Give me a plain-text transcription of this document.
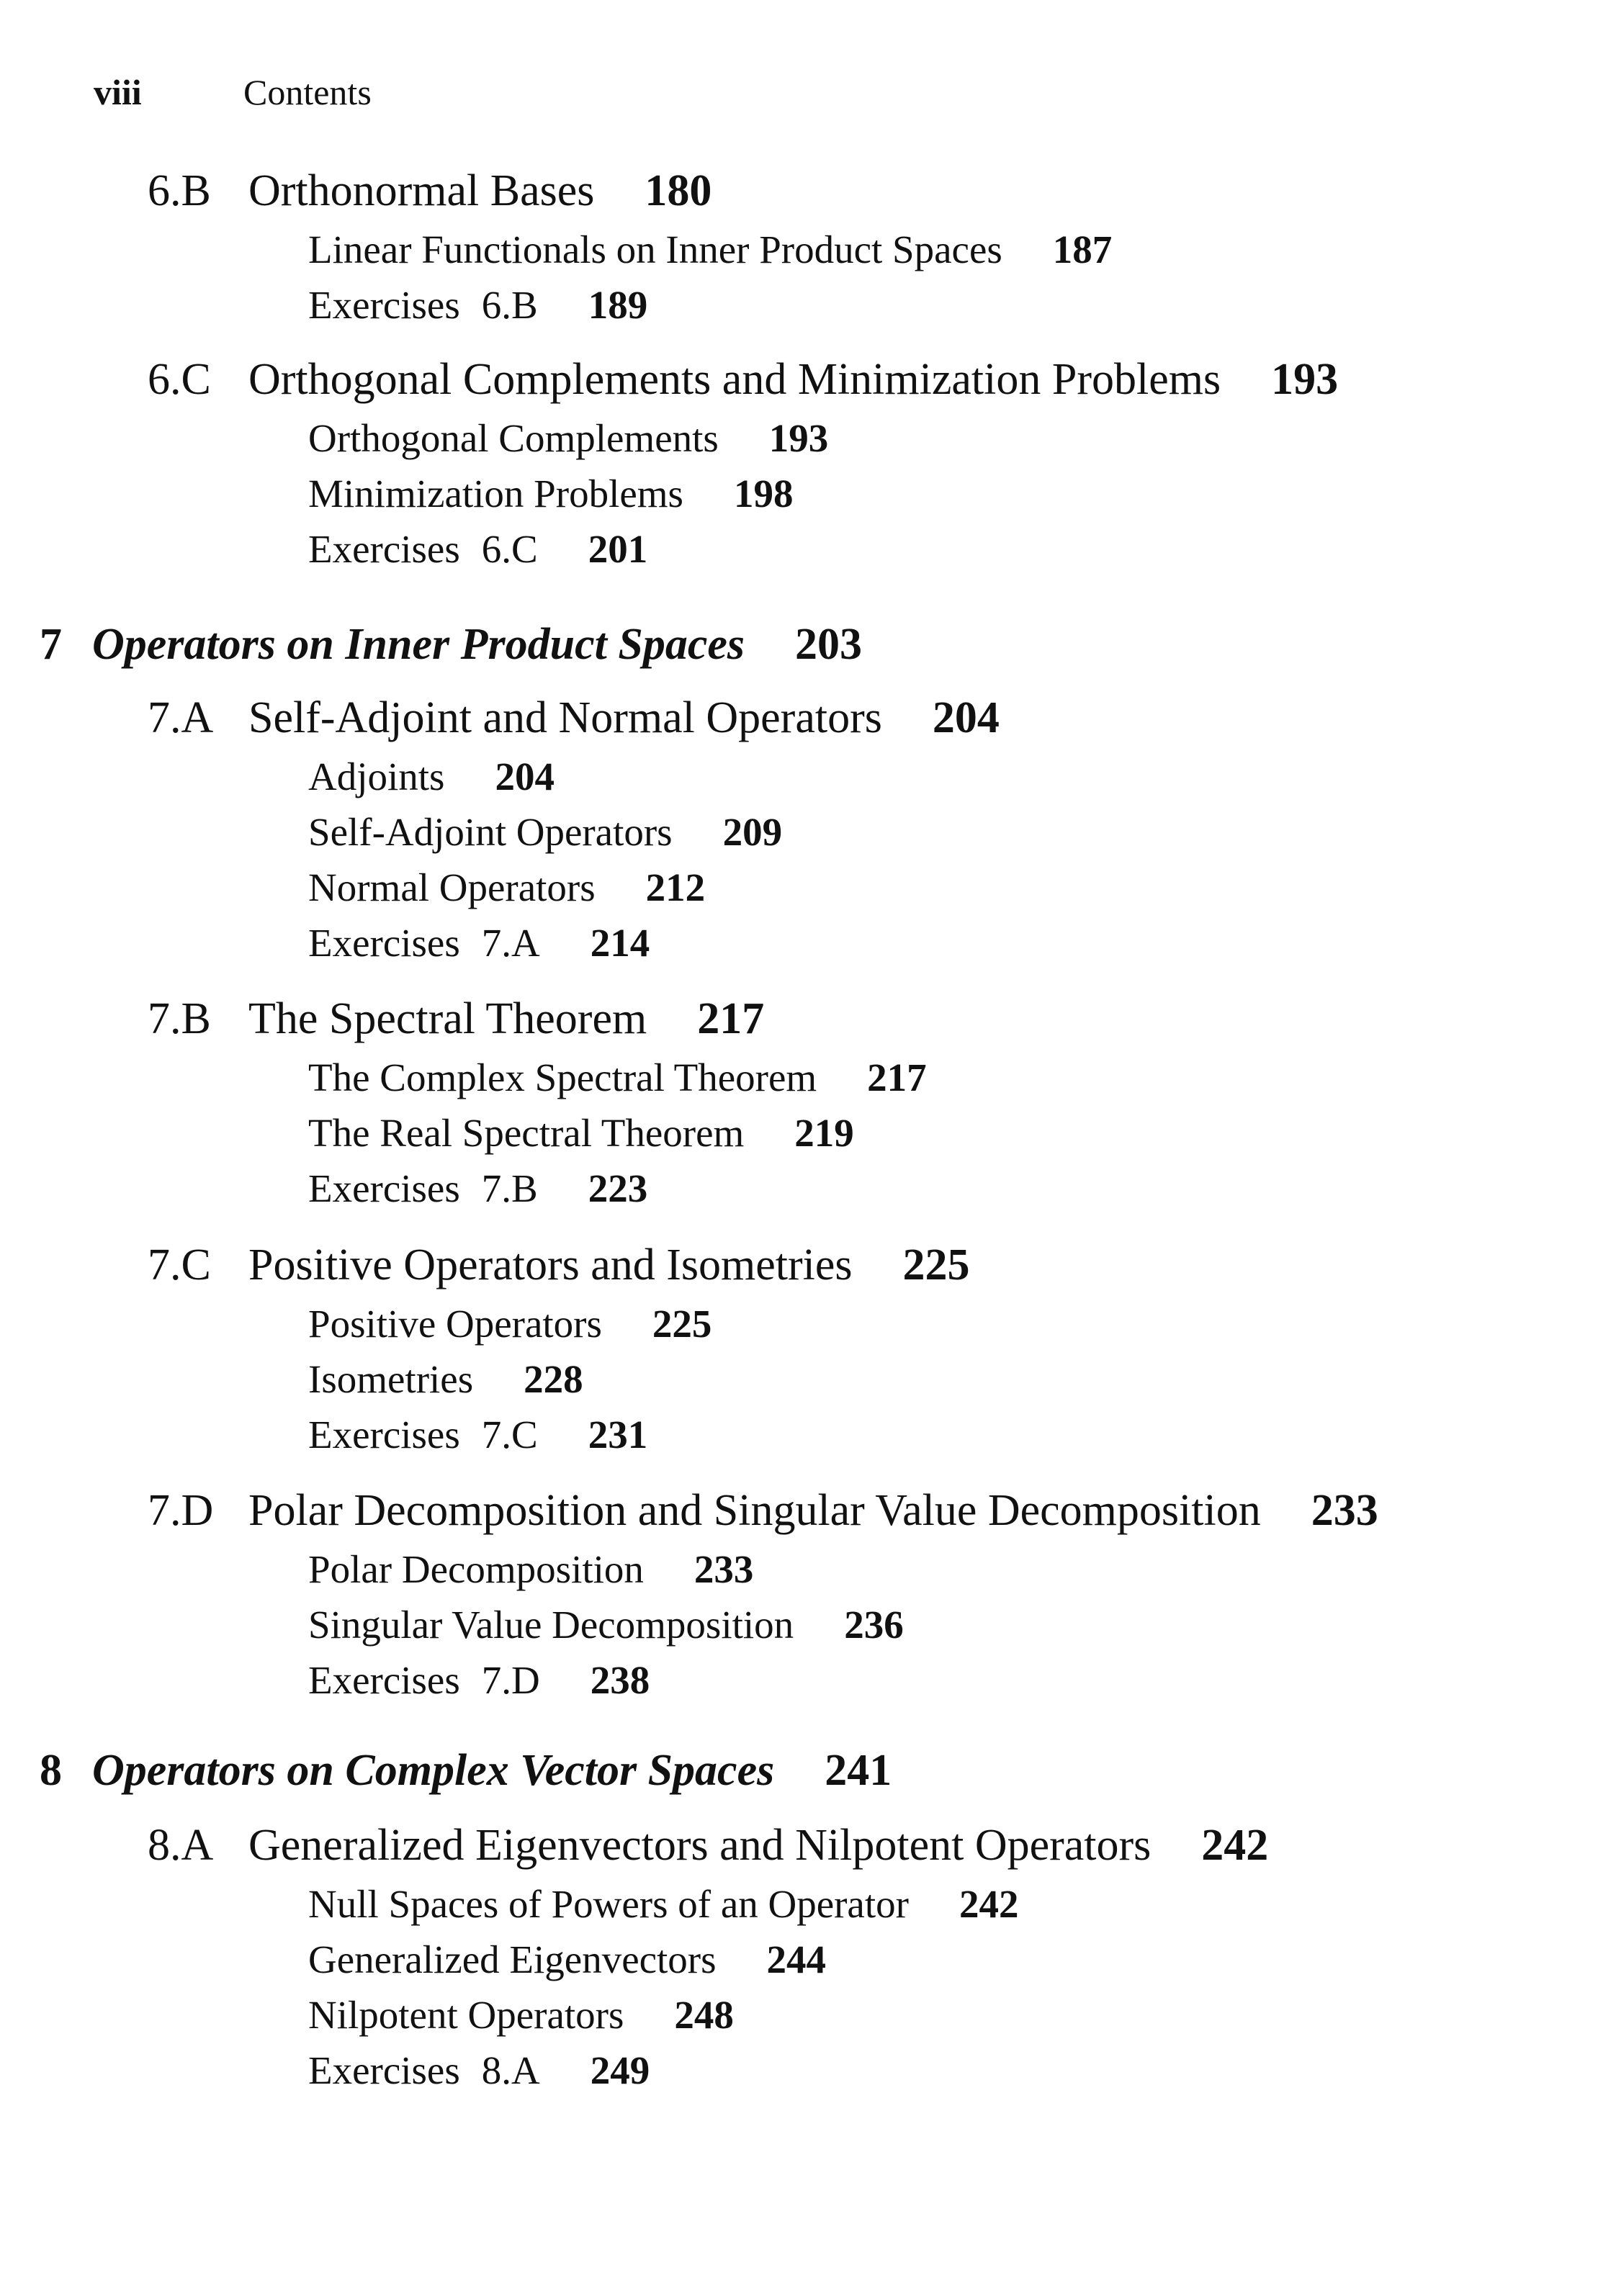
viii	Contents
6.B Orthonormal Bases 180
Linear Functionals on Inner Product Spaces 187
Exercises 6.B 189
6.C Orthogonal Complements and Minimization Problems 193
Orthogonal Complements 193
Minimization Problems 198
Exercises 6.C 201
7 Operators on Inner Product Spaces 203
7.A Self-Adjoint and Normal Operators 204
Adjoints 204
Self-Adjoint Operators 209
Normal Operators 212
Exercises 7.A 214
7.B The Spectral Theorem 217
The Complex Spectral Theorem 217
The Real Spectral Theorem 219
Exercises 7.B 223
7.C Positive Operators and Isometries 225
Positive Operators 225
Isometries 228
Exercises 7.C 231
7.D Polar Decomposition and Singular Value Decomposition 233
Polar Decomposition 233
Singular Value Decomposition 236
Exercises 7.D 238
8 Operators on Complex Vector Spaces 241
8.A Generalized Eigenvectors and Nilpotent Operators 242
Null Spaces of Powers of an Operator 242
Generalized Eigenvectors 244
Nilpotent Operators 248
Exercises 8.A 249
